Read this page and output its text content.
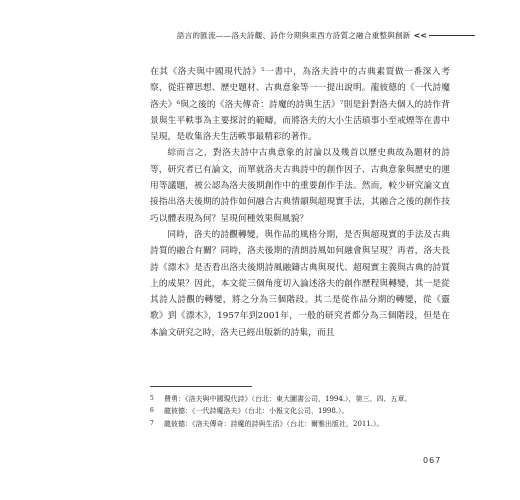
語言的匯流——洛夫詩觀、詩作分期與東西方詩質之融合重整與創新 <<

在其《洛夫與中國現代詩》⁵一書中，為洛夫詩中的古典素質做一番深入考察，從莊禪思想、歷史題材、古典意象等一一提出說明。龍彼德的《一代詩魔洛夫》⁶與之後的《洛夫傳奇：詩魔的詩與生活》⁷則是針對洛夫個人的詩作背景與生平軼事為主要探討的範疇，而將洛夫的大小生活瑣事小至戒煙等在書中呈現，是收集洛夫生活軼事最精彩的著作。

綜而言之，對洛夫詩中古典意象的討論以及幾首以歷史典故為題材的詩等，研究者已有論文，而單就洛夫古典詩中的創作因子、古典意象與歷史的運用等議題，被公認為洛夫後期創作中的重要創作手法。然而，較少研究論文直接指出洛夫後期的詩作如何融合古典情韻與超現實手法，其融合之後的創作技巧以體表現為何？呈現何種效果與風貌？

同時，洛夫的詩觀轉變，與作品的風格分期，是否與超現實的手法及古典詩質的融合有關？同時，洛夫後期的清朗詩風如何融會與呈現？再者，洛夫長詩《漂木》是否看出洛夫後期詩風融鑄古典與現代、超現實主義與古典的詩質上的成果？因此，本文從三個角度切入論述洛夫的創作歷程與轉變，其一是從其詩人詩觀的轉變，將之分為三個階段。其二是從作品分期的轉變，從《靈歌》到《漂木》，1957年到2001年，一般的研究者都分為三個階段，但是在本論文研究之時，洛夫已經出版新的詩集，而且

5	費勇：《洛夫與中國現代詩》（台北：東大圖書公司，1994.），第三、四、五章。
6	龍彼德：《一代詩魔洛夫》（台北：小報文化公司，1998.）。
7	龍彼德：《洛夫傳奇：詩魔的詩與生活》（台北：爾雅出版社，2011.）。
067
